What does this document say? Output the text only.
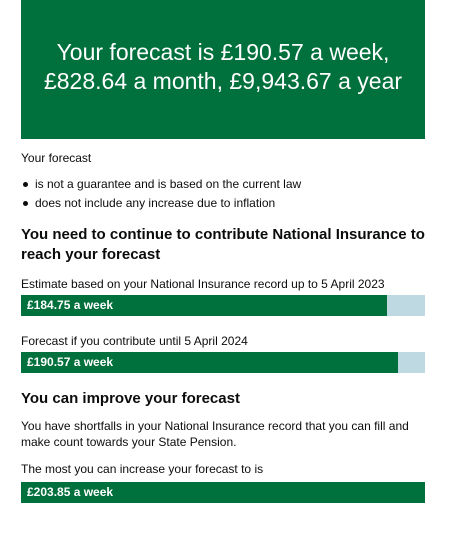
Your forecast is £190.57 a week, £828.64 a month, £9,943.67 a year

Your forecast

is not a guarantee and is based on the current law
does not include any increase due to inflation
You need to continue to contribute National Insurance to reach your forecast

Estimate based on your National Insurance record up to 5 April 2023

£184.75 a week

Forecast if you contribute until 5 April 2024

£190.57 a week
You can improve your forecast

You have shortfalls in your National Insurance record that you can fill and make count towards your State Pension.

The most you can increase your forecast to is

£203.85 a week
